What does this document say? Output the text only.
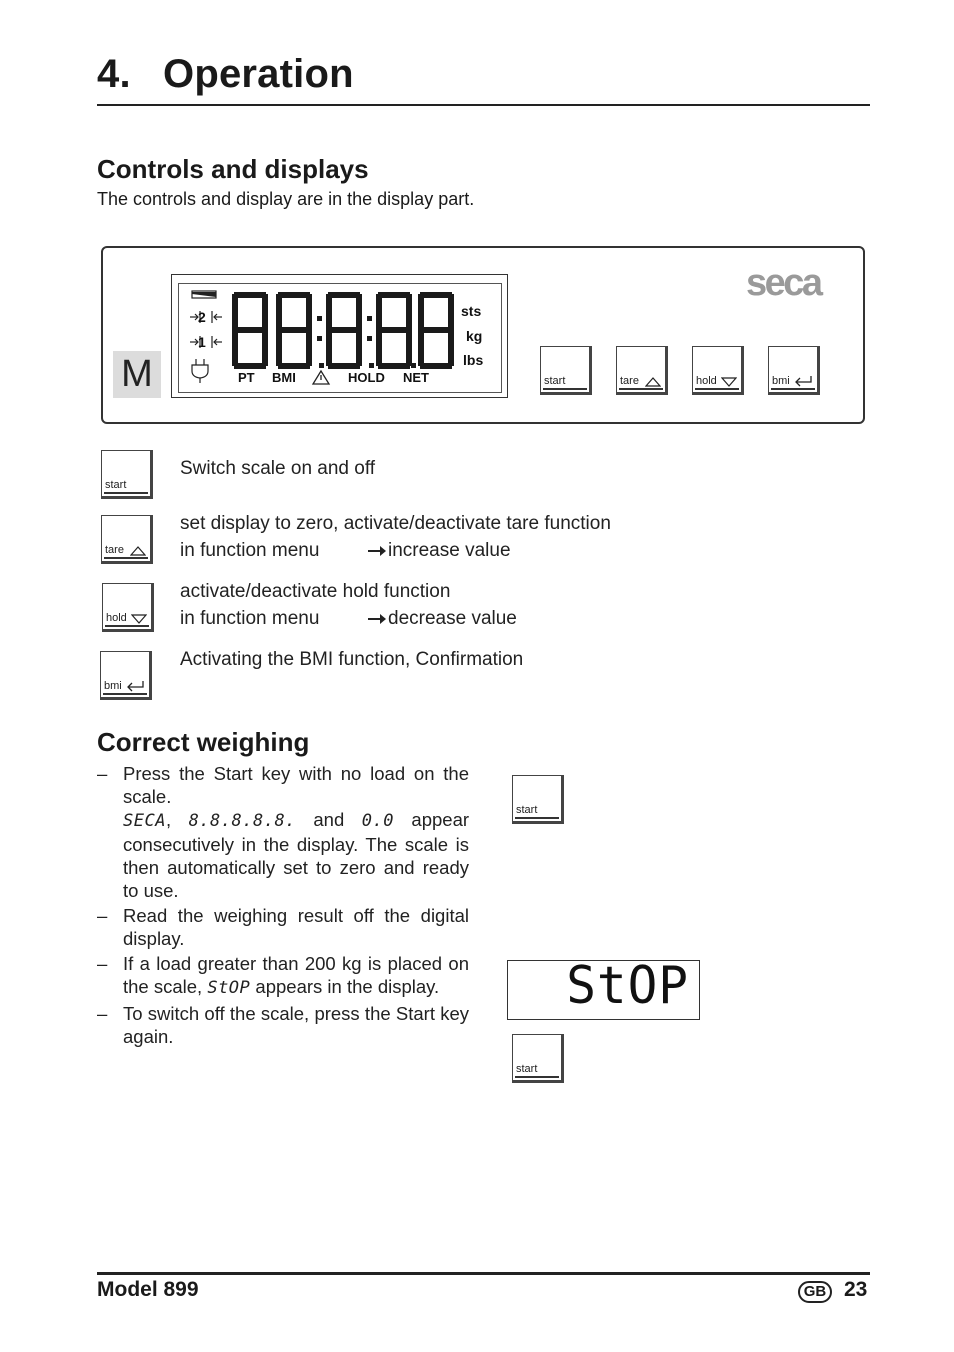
4. Operation
Controls and displays
The controls and display are in the display part.
M
2
1
sts
kg
lbs
PT BMI	HOLD NET
seca
start	tare	hold	bmi
start
Switch scale on and off
tare
set display to zero, activate/deactivate tare function
in function menu	increase value
hold
activate/deactivate hold function
in function menu	decrease value
bmi
Activating the BMI function, Confirmation
Correct weighing
– Press the Start key with no load on the scale.
SECA, 8.8.8.8.8. and 0.0 appear consecutively in the display. The scale is then automatically set to zero and ready to use.
– Read the weighing result off the digital display.
– If a load greater than 200 kg is placed on the scale, StOP appears in the display.
– To switch off the scale, press the Start key again.
start
StOP
start
Model 899	GB 23
